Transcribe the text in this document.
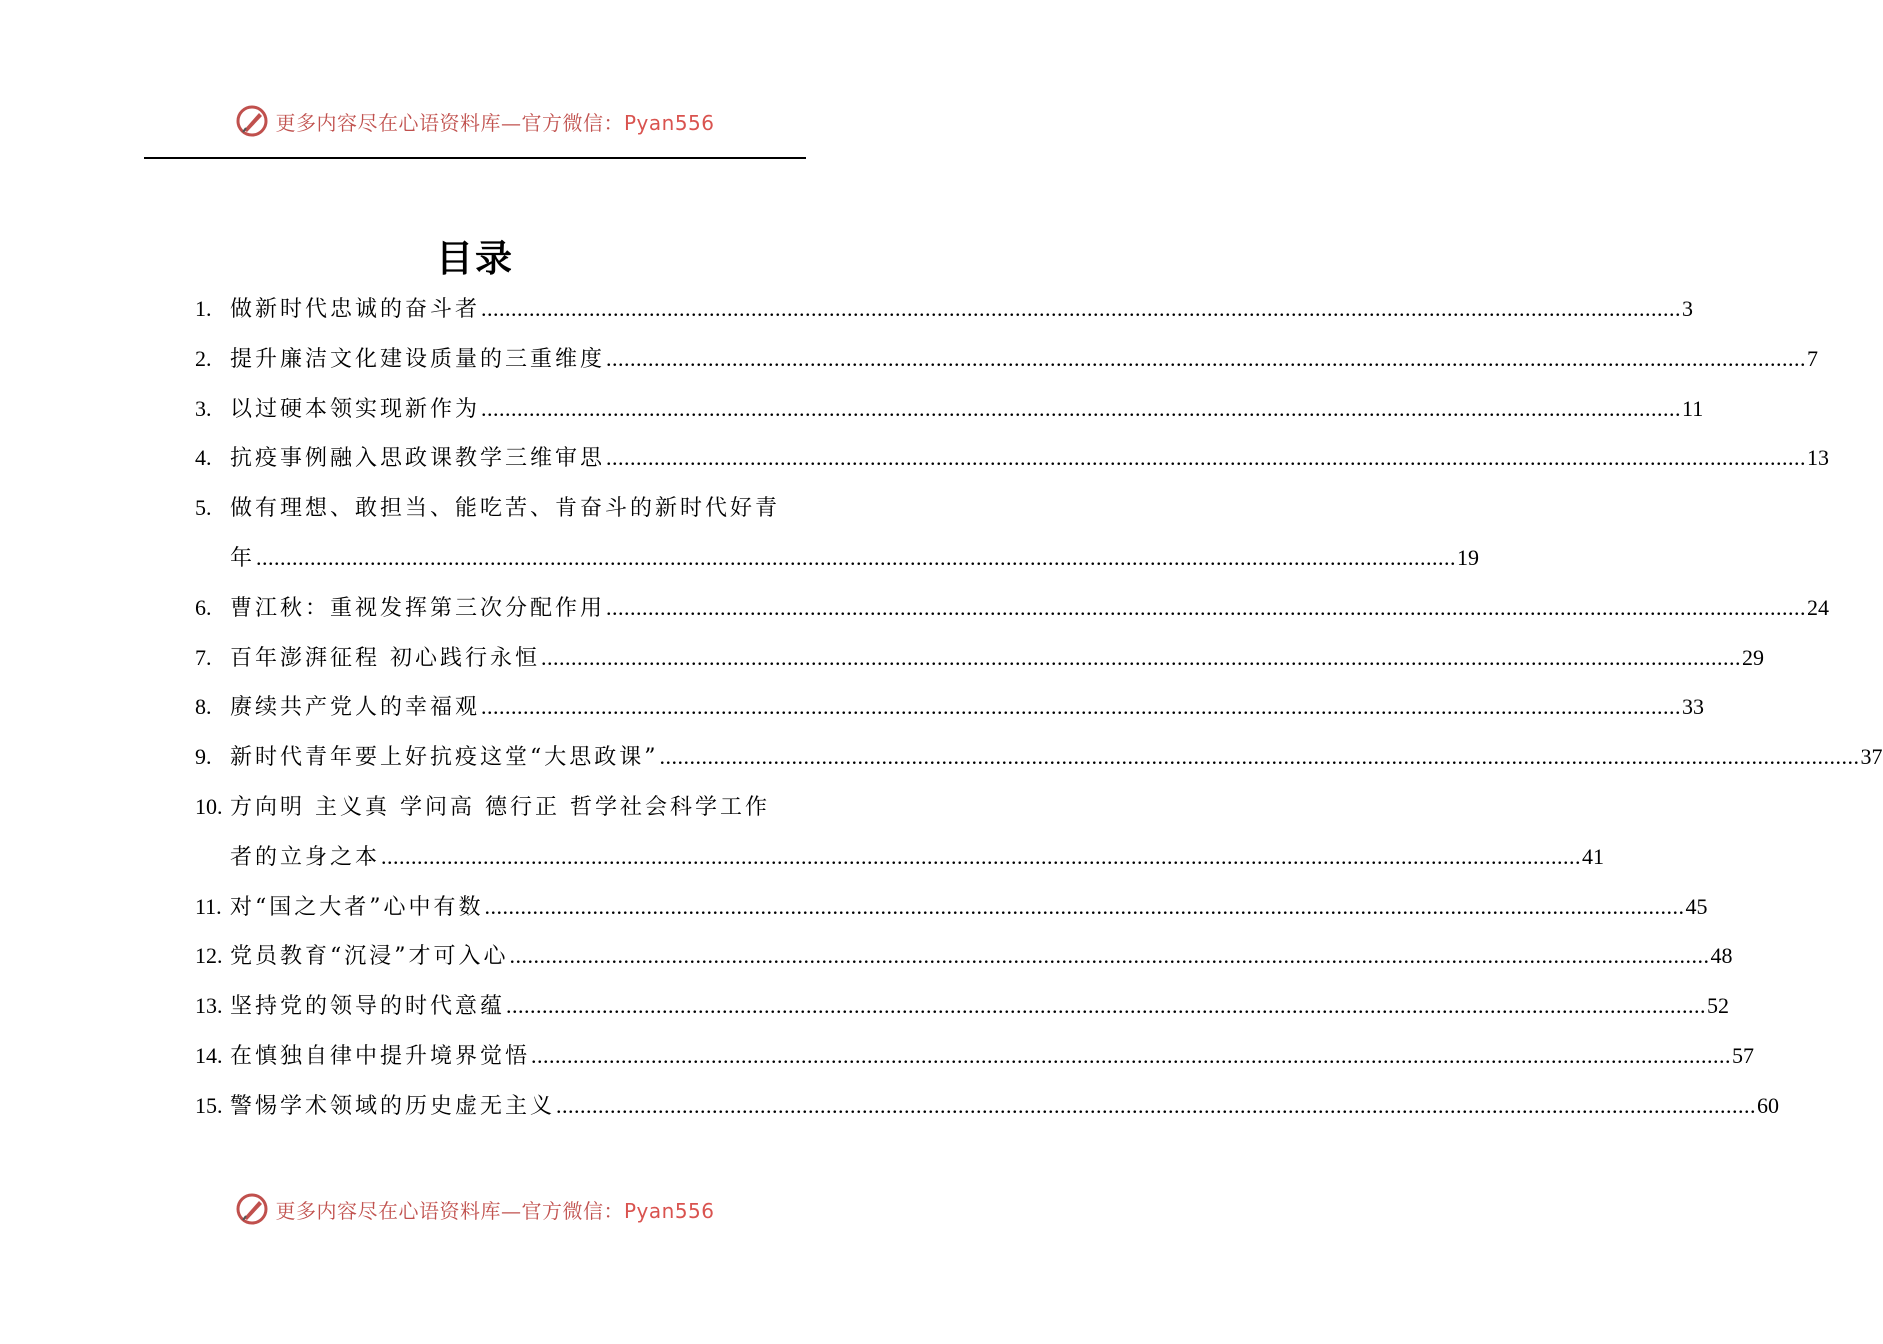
更多内容尽在心语资料库—官方微信：Pyan556
目录
1. 做新时代忠诚的奋斗者 ........................................................................................................................................................................................................ 3
2. 提升廉洁文化建设质量的三重维度 ........................................................................................................................................................................................................ 7
3. 以过硬本领实现新作为 ........................................................................................................................................................................................................ 11
4. 抗疫事例融入思政课教学三维审思 ........................................................................................................................................................................................................ 13
5. 做有理想、敢担当、能吃苦、肯奋斗的新时代好青
年 ........................................................................................................................................................................................................ 19
6. 曹江秋：重视发挥第三次分配作用 ........................................................................................................................................................................................................ 24
7. 百年澎湃征程 初心践行永恒 ........................................................................................................................................................................................................ 29
8. 赓续共产党人的幸福观 ........................................................................................................................................................................................................ 33
9. 新时代青年要上好抗疫这堂“大思政课” ........................................................................................................................................................................................................ 37
10. 方向明 主义真 学问高 德行正 哲学社会科学工作
者的立身之本 ........................................................................................................................................................................................................ 41
11. 对“国之大者”心中有数 ........................................................................................................................................................................................................ 45
12. 党员教育“沉浸”才可入心 ........................................................................................................................................................................................................ 48
13. 坚持党的领导的时代意蕴 ........................................................................................................................................................................................................ 52
14. 在慎独自律中提升境界觉悟 ........................................................................................................................................................................................................ 57
15. 警惕学术领域的历史虚无主义 ........................................................................................................................................................................................................ 60
更多内容尽在心语资料库—官方微信：Pyan556
